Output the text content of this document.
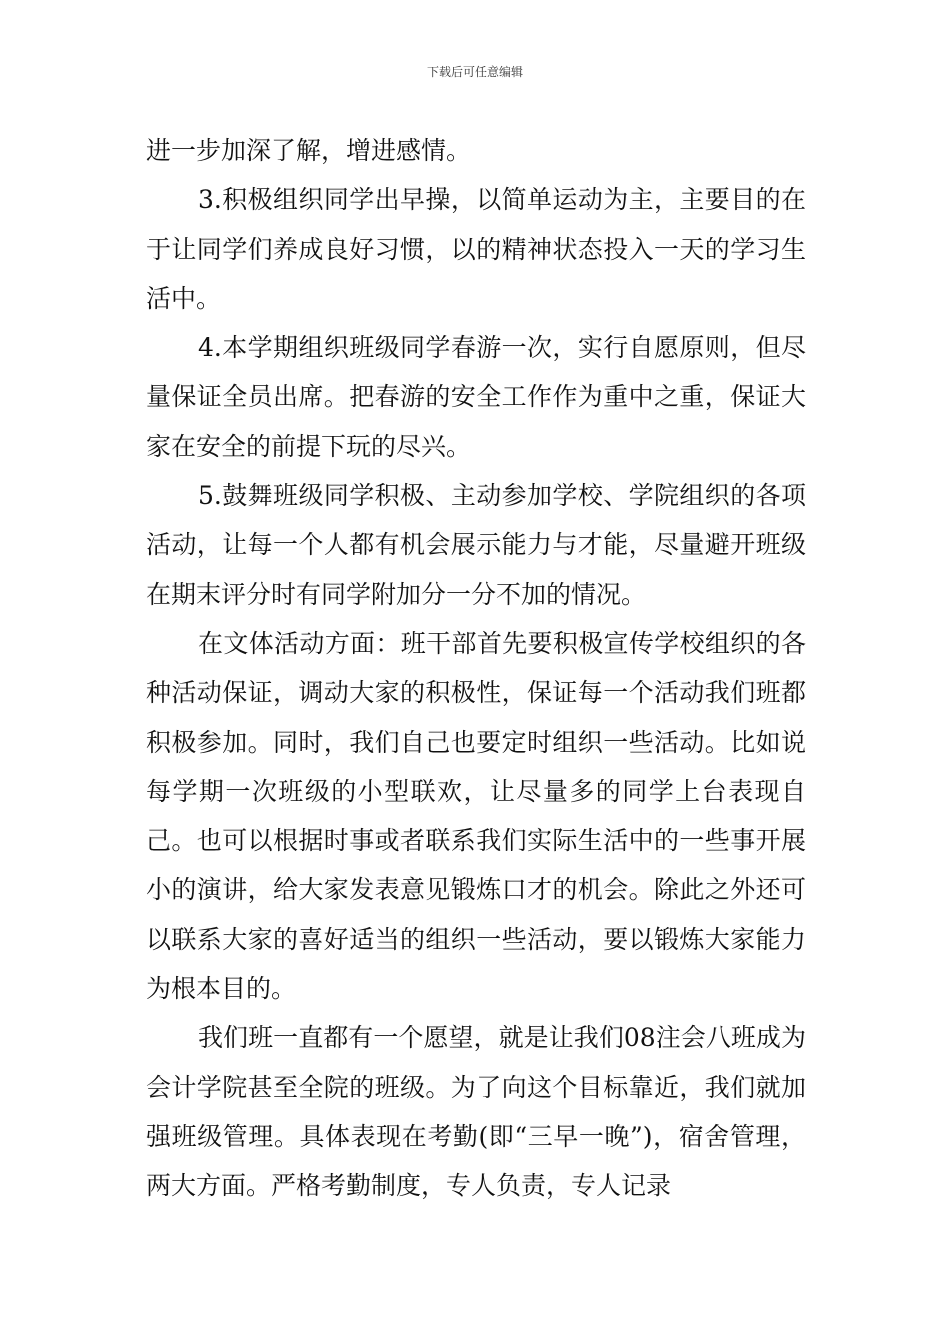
下载后可任意编辑

进一步加深了解，增进感情。

3.积极组织同学出早操，以简单运动为主，主要目的在于让同学们养成良好习惯，以的精神状态投入一天的学习生活中。

4.本学期组织班级同学春游一次，实行自愿原则，但尽量保证全员出席。把春游的安全工作作为重中之重，保证大家在安全的前提下玩的尽兴。

5.鼓舞班级同学积极、主动参加学校、学院组织的各项活动，让每一个人都有机会展示能力与才能，尽量避开班级在期末评分时有同学附加分一分不加的情况。

在文体活动方面：班干部首先要积极宣传学校组织的各种活动保证，调动大家的积极性，保证每一个活动我们班都积极参加。同时，我们自己也要定时组织一些活动。比如说每学期一次班级的小型联欢，让尽量多的同学上台表现自己。也可以根据时事或者联系我们实际生活中的一些事开展小的演讲，给大家发表意见锻炼口才的机会。除此之外还可以联系大家的喜好适当的组织一些活动，要以锻炼大家能力为根本目的。

我们班一直都有一个愿望，就是让我们08注会八班成为会计学院甚至全院的班级。为了向这个目标靠近，我们就加强班级管理。具体表现在考勤(即“三早一晚”)，宿舍管理，两大方面。严格考勤制度，专人负责，专人记录
